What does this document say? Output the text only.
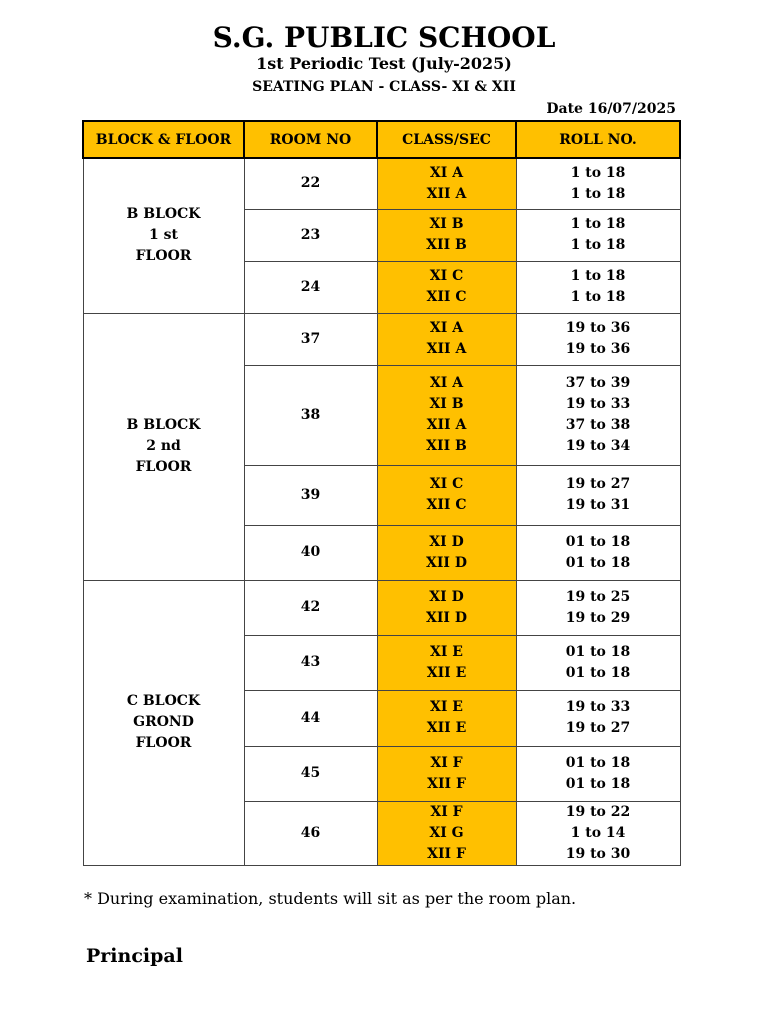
S.G. PUBLIC SCHOOL
1st Periodic Test (July-2025)
SEATING PLAN - CLASS- XI & XII
Date 16/07/2025
BLOCK & FLOOR	ROOM NO	CLASS/SEC	ROLL NO.

B BLOCK
1 st
FLOOR	22	XI A
XII A	1 to 18
1 to 18

	23	XI B
XII B	1 to 18
1 to 18

	24	XI C
XII C	1 to 18
1 to 18

B BLOCK
2 nd
FLOOR	37	XI A
XII A	19 to 36
19 to 36

	38	XI A
XI B
XII A
XII B	37 to 39
19 to 33
37 to 38
19 to 34

	39	XI C
XII C	19 to 27
19 to 31

	40	XI D
XII D	01 to 18
01 to 18

C BLOCK
GROND
FLOOR	42	XI D
XII D	19 to 25
19 to 29

	43	XI E
XII E	01 to 18
01 to 18

	44	XI E
XII E	19 to 33
19 to 27

	45	XI F
XII F	01 to 18
01 to 18

	46	XI F
XI G
XII F	19 to 22
1 to 14
19 to 30
* During examination, students will sit as per the room plan.
Principal
